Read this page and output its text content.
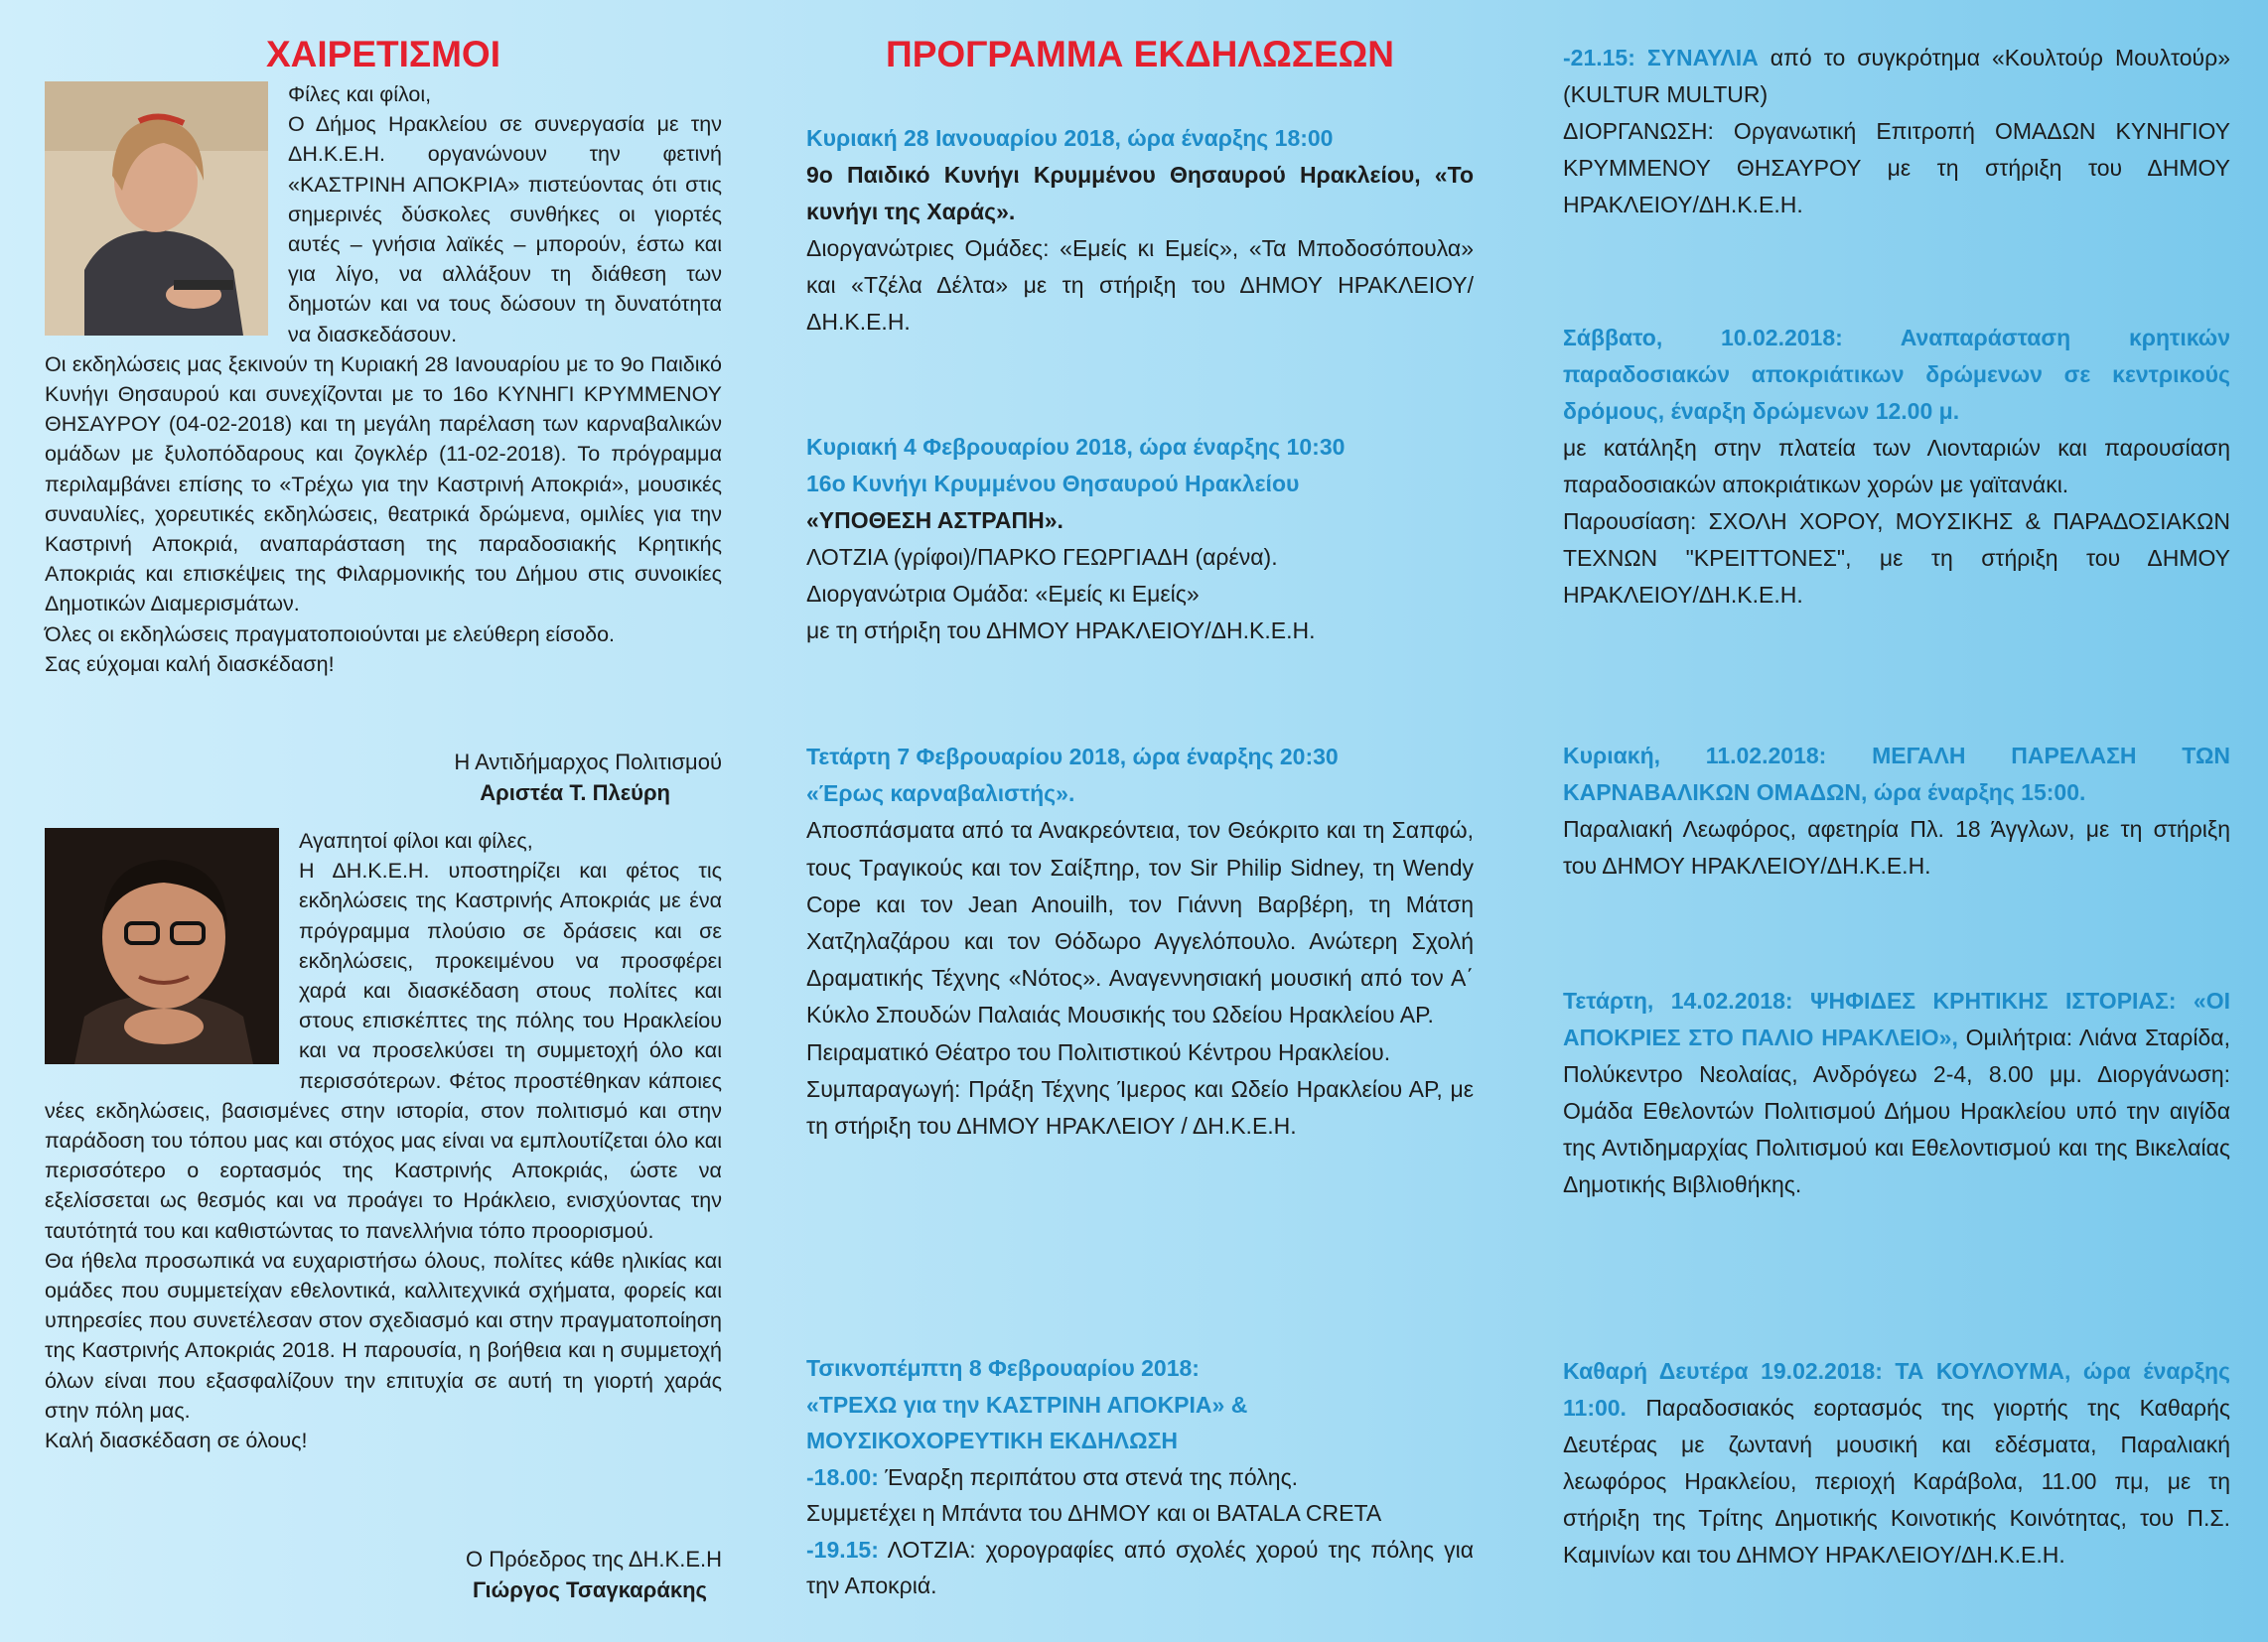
ΧΑΙΡΕΤΙΣΜΟΙ

Φίλες και φίλοι,
Ο Δήμος Ηρακλείου σε συνεργασία με την ΔΗ.Κ.Ε.Η. οργανώνουν την φετινή «ΚΑΣΤΡΙΝΗ ΑΠΟΚΡΙΑ» πιστεύοντας ότι στις σημερινές δύσκολες συνθήκες οι γιορτές αυτές – γνήσια λαϊκές – μπορούν, έστω και για λίγο, να αλλάξουν τη διάθεση των δημοτών και να τους δώσουν τη δυνατότητα να διασκεδάσουν.
Οι εκδηλώσεις μας ξεκινούν τη Κυριακή 28 Ιανουαρίου με το 9ο Παιδικό Κυνήγι Θησαυρού και συνεχίζονται με το 16ο ΚΥΝΗΓΙ ΚΡΥΜΜΕΝΟΥ ΘΗΣΑΥΡΟΥ (04-02-2018) και τη μεγάλη παρέλαση των καρναβαλικών ομάδων με ξυλοπόδαρους και ζογκλέρ (11-02-2018). Το πρόγραμμα περιλαμβάνει επίσης το «Τρέχω για την Καστρινή Αποκριά», μουσικές συναυλίες, χορευτικές εκδηλώσεις, θεατρικά δρώμενα, ομιλίες για την Καστρινή Αποκριά, αναπαράσταση της παραδοσιακής Κρητικής Αποκριάς και επισκέψεις της Φιλαρμονικής του Δήμου στις συνοικίες Δημοτικών Διαμερισμάτων.
Όλες οι εκδηλώσεις πραγματοποιούνται με ελεύθερη είσοδο.
Σας εύχομαι καλή διασκέδαση!

Η Αντιδήμαρχος Πολιτισμού
Αριστέα Τ. Πλεύρη

Αγαπητοί φίλοι και φίλες,
Η ΔΗ.Κ.Ε.Η. υποστηρίζει και φέτος τις εκδηλώσεις της Καστρινής Αποκριάς με ένα πρόγραμμα πλούσιο σε δράσεις και σε εκδηλώσεις, προκειμένου να προσφέρει χαρά και διασκέδαση στους πολίτες και στους επισκέπτες της πόλης του Ηρακλείου και να προσελκύσει τη συμμετοχή όλο και περισσότερων. Φέτος προστέθηκαν κάποιες νέες εκδηλώσεις, βασισμένες στην ιστορία, στον πολιτισμό και στην παράδοση του τόπου μας και στόχος μας είναι να εμπλουτίζεται όλο και περισσότερο ο εορτασμός της Καστρινής Αποκριάς, ώστε να εξελίσσεται ως θεσμός και να προάγει το Ηράκλειο, ενισχύοντας την ταυτότητά του και καθιστώντας το πανελλήνια τόπο προορισμού.
Θα ήθελα προσωπικά να ευχαριστήσω όλους, πολίτες κάθε ηλικίας και ομάδες που συμμετείχαν εθελοντικά, καλλιτεχνικά σχήματα, φορείς και υπηρεσίες που συνετέλεσαν στον σχεδιασμό και στην πραγματοποίηση της Καστρινής Αποκριάς 2018. Η παρουσία, η βοήθεια και η συμμετοχή όλων είναι που εξασφαλίζουν την επιτυχία σε αυτή τη γιορτή χαράς στην πόλη μας.
Καλή διασκέδαση σε όλους!

Ο Πρόεδρος της ΔΗ.Κ.Ε.Η
Γιώργος Τσαγκαράκης
ΠΡΟΓΡΑΜΜΑ ΕΚΔΗΛΩΣΕΩΝ

Κυριακή 28 Ιανουαρίου 2018, ώρα έναρξης 18:00

9ο Παιδικό Κυνήγι Κρυμμένου Θησαυρού Ηρακλείου, «Το κυνήγι της Χαράς».

Διοργανώτριες Ομάδες: «Εμείς κι Εμείς», «Τα Μποδοσόπουλα» και «Τζέλα Δέλτα» με τη στήριξη του ΔΗΜΟΥ ΗΡΑΚΛΕΙΟΥ/ΔΗ.Κ.Ε.Η.

Κυριακή 4 Φεβρουαρίου 2018, ώρα έναρξης 10:30

16ο Κυνήγι Κρυμμένου Θησαυρού Ηρακλείου

«ΥΠΟΘΕΣΗ ΑΣΤΡΑΠΗ».

ΛΟΤΖΙΑ (γρίφοι)/ΠΑΡΚΟ ΓΕΩΡΓΙΑΔΗ (αρένα).

Διοργανώτρια Ομάδα: «Εμείς κι Εμείς»

με τη στήριξη του ΔΗΜΟΥ ΗΡΑΚΛΕΙΟΥ/ΔΗ.Κ.Ε.Η.

Τετάρτη 7 Φεβρουαρίου 2018, ώρα έναρξης 20:30

«Έρως καρναβαλιστής».

Αποσπάσματα από τα Ανακρεόντεια, τον Θεόκριτο και τη Σαπφώ, τους Τραγικούς και τον Σαίξπηρ, τον Sir Philip Sidney, τη Wendy Cope και τον Jean Anouilh, τον Γιάννη Βαρβέρη, τη Μάτση Χατζηλαζάρου και τον Θόδωρο Αγγελόπουλο. Ανώτερη Σχολή Δραματικής Τέχνης «Νότος». Αναγεννησιακή μουσική από τον Α΄ Κύκλο Σπουδών Παλαιάς Μουσικής του Ωδείου Ηρακλείου ΑΡ.

Πειραματικό Θέατρο του Πολιτιστικού Κέντρου Ηρακλείου.

Συμπαραγωγή: Πράξη Τέχνης Ίμερος και Ωδείο Ηρακλείου ΑΡ, με τη στήριξη του ΔΗΜΟΥ ΗΡΑΚΛΕΙΟΥ / ΔΗ.Κ.Ε.Η.

Τσικνοπέμπτη 8 Φεβρουαρίου 2018:

«ΤΡΕΧΩ για την ΚΑΣΤΡΙΝΗ ΑΠΟΚΡΙΑ» &

ΜΟΥΣΙΚΟΧΟΡΕΥΤΙΚΗ ΕΚΔΗΛΩΣΗ

-18.00: Έναρξη περιπάτου στα στενά της πόλης.

Συμμετέχει η Μπάντα του ΔΗΜΟΥ και οι BATALA CRETA

-19.15: ΛΟΤΖΙΑ: χορογραφίες από σχολές χορού της πόλης για την Αποκριά.

-21.15: ΣΥΝΑΥΛΙΑ από το συγκρότημα «Κουλτούρ Μουλτούρ» (KULTUR MULTUR)

ΔΙΟΡΓΑΝΩΣΗ: Οργανωτική Επιτροπή ΟΜΑΔΩΝ ΚΥΝΗΓΙΟΥ ΚΡΥΜΜΕΝΟΥ ΘΗΣΑΥΡΟΥ με τη στήριξη του ΔΗΜΟΥ ΗΡΑΚΛΕΙΟΥ/ΔΗ.Κ.Ε.Η.

Σάββατο, 10.02.2018: Αναπαράσταση κρητικών παραδοσιακών αποκριάτικων δρώμενων σε κεντρικούς δρόμους, έναρξη δρώμενων 12.00 μ.

με κατάληξη στην πλατεία των Λιονταριών και παρουσίαση παραδοσιακών αποκριάτικων χορών με γαϊτανάκι.

Παρουσίαση: ΣΧΟΛΗ ΧΟΡΟΥ, ΜΟΥΣΙΚΗΣ & ΠΑΡΑΔΟΣΙΑΚΩΝ ΤΕΧΝΩΝ "ΚΡΕΙΤΤΟΝΕΣ", με τη στήριξη του ΔΗΜΟΥ ΗΡΑΚΛΕΙΟΥ/ΔΗ.Κ.Ε.Η.

Κυριακή, 11.02.2018: ΜΕΓΑΛΗ ΠΑΡΕΛΑΣΗ ΤΩΝ ΚΑΡΝΑΒΑΛΙΚΩΝ ΟΜΑΔΩΝ, ώρα έναρξης 15:00.

Παραλιακή Λεωφόρος, αφετηρία Πλ. 18 Άγγλων, με τη στήριξη του ΔΗΜΟΥ ΗΡΑΚΛΕΙΟΥ/ΔΗ.Κ.Ε.Η.

Τετάρτη, 14.02.2018: ΨΗΦΙΔΕΣ ΚΡΗΤΙΚΗΣ ΙΣΤΟΡΙΑΣ: «ΟΙ ΑΠΟΚΡΙΕΣ ΣΤΟ ΠΑΛΙΟ ΗΡΑΚΛΕΙΟ», Ομιλήτρια: Λιάνα Σταρίδα, Πολύκεντρο Νεολαίας, Ανδρόγεω 2-4, 8.00 μμ. Διοργάνωση: Ομάδα Εθελοντών Πολιτισμού Δήμου Ηρακλείου υπό την αιγίδα της Αντιδημαρχίας Πολιτισμού και Εθελοντισμού και της Βικελαίας Δημοτικής Βιβλιοθήκης.

Καθαρή Δευτέρα 19.02.2018: ΤΑ ΚΟΥΛΟΥΜΑ, ώρα έναρξης 11:00. Παραδοσιακός εορτασμός της γιορτής της Καθαρής Δευτέρας με ζωντανή μουσική και εδέσματα, Παραλιακή λεωφόρος Ηρακλείου, περιοχή Καράβολα, 11.00 πμ, με τη στήριξη της Τρίτης Δημοτικής Κοινοτικής Κοινότητας, του Π.Σ. Καμινίων και του ΔΗΜΟΥ ΗΡΑΚΛΕΙΟΥ/ΔΗ.Κ.Ε.Η.
